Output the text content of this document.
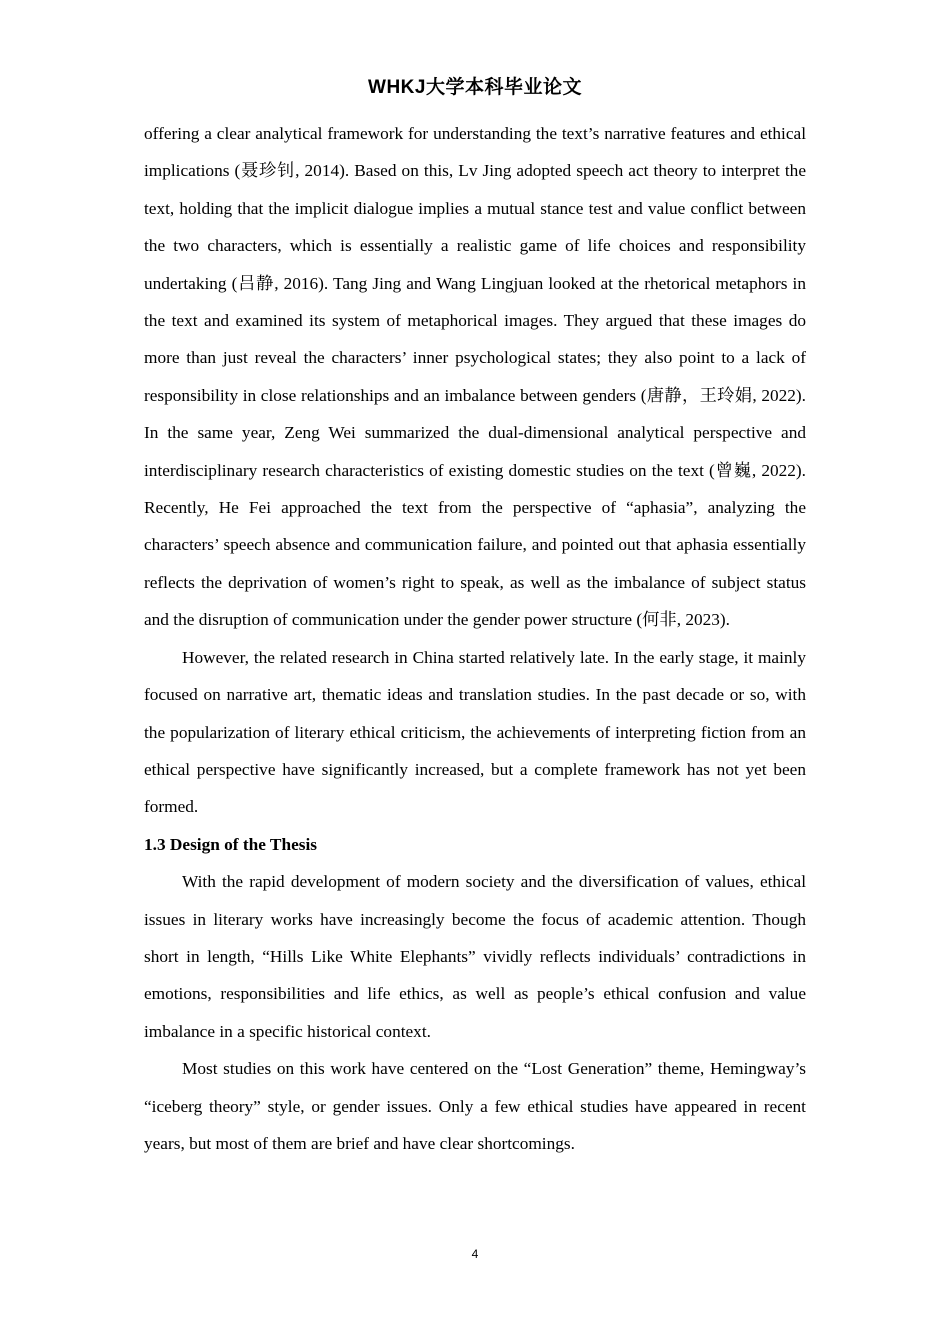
WHKJ大学本科毕业论文

offering a clear analytical framework for understanding the text’s narrative features and ethical implications (聂珍钊, 2014). Based on this, Lv Jing adopted speech act theory to interpret the text, holding that the implicit dialogue implies a mutual stance test and value conflict between the two characters, which is essentially a realistic game of life choices and responsibility undertaking (吕静, 2016). Tang Jing and Wang Lingjuan looked at the rhetorical metaphors in the text and examined its system of metaphorical images. They argued that these images do more than just reveal the characters’ inner psychological states; they also point to a lack of responsibility in close relationships and an imbalance between genders (唐静，王玲娟, 2022). In the same year, Zeng Wei summarized the dual-dimensional analytical perspective and interdisciplinary research characteristics of existing domestic studies on the text (曾巍, 2022). Recently, He Fei approached the text from the perspective of “aphasia”, analyzing the characters’ speech absence and communication failure, and pointed out that aphasia essentially reflects the deprivation of women’s right to speak, as well as the imbalance of subject status and the disruption of communication under the gender power structure (何非, 2023).

However, the related research in China started relatively late. In the early stage, it mainly focused on narrative art, thematic ideas and translation studies. In the past decade or so, with the popularization of literary ethical criticism, the achievements of interpreting fiction from an ethical perspective have significantly increased, but a complete framework has not yet been formed.

1.3 Design of the Thesis

With the rapid development of modern society and the diversification of values, ethical issues in literary works have increasingly become the focus of academic attention. Though short in length, “Hills Like White Elephants” vividly reflects individuals’ contradictions in emotions, responsibilities and life ethics, as well as people’s ethical confusion and value imbalance in a specific historical context.

Most studies on this work have centered on the “Lost Generation” theme, Hemingway’s “iceberg theory” style, or gender issues. Only a few ethical studies have appeared in recent years, but most of them are brief and have clear shortcomings.

4
